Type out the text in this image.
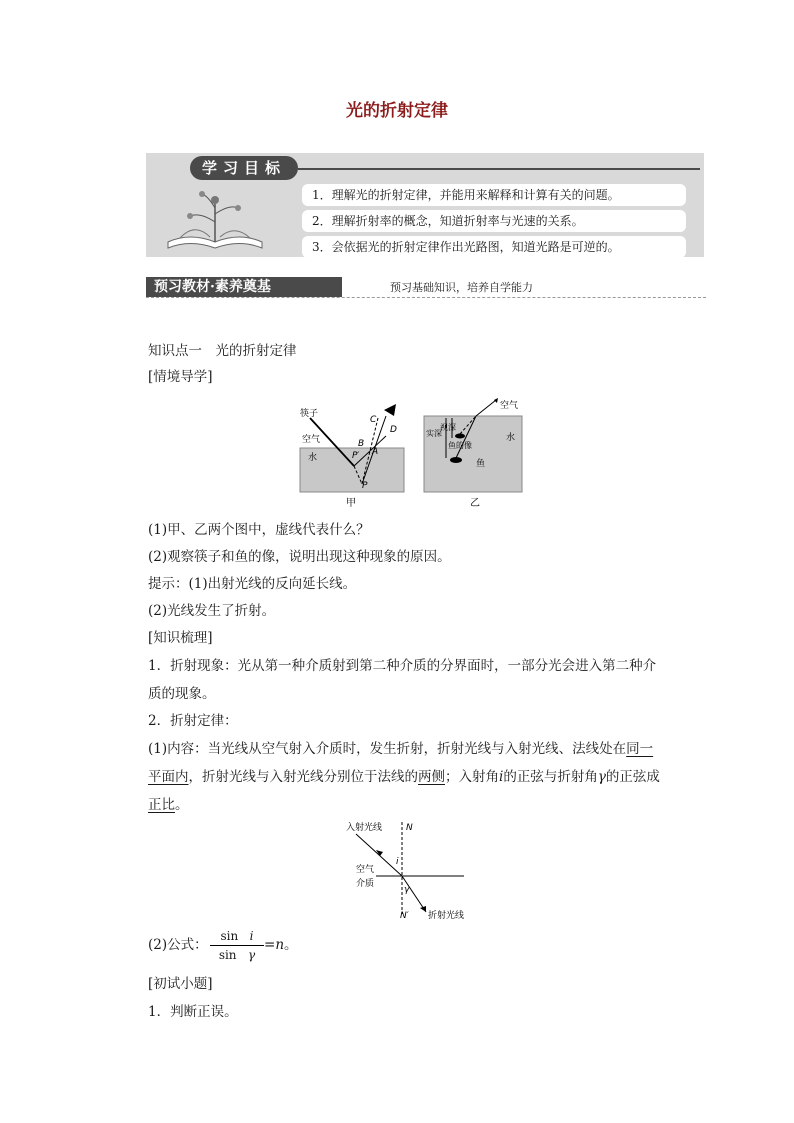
光的折射定律
学习目标
1．理解光的折射定律，并能用来解释和计算有关的问题。
2．理解折射率的概念，知道折射率与光速的关系。
3．会依据光的折射定律作出光路图，知道光路是可逆的。
预习教材·素养奠基	预习基础知识，培养自学能力
知识点一　光的折射定律
[情境导学]
筷子
空气
水
C
D
B
P′ A
P
甲
空气
水
实深
视深
鱼的像
鱼
乙
(1)甲、乙两个图中，虚线代表什么？
(2)观察筷子和鱼的像，说明出现这种现象的原因。
提示：(1)出射光线的反向延长线。
(2)光线发生了折射。
[知识梳理]
1．折射现象：光从第一种介质射到第二种介质的分界面时，一部分光会进入第二种介
质的现象。
2．折射定律：
(1)内容：当光线从空气射入介质时，发生折射，折射光线与入射光线、法线处在同一
平面内，折射光线与入射光线分别位于法线的两侧；入射角i的正弦与折射角γ的正弦成
正比。
入射光线	N
i
空气
介质
γ
N′ 折射光线
(2)公式： $\frac{\text{sin i}}{\text{sin γ}} =n$。
[初试小题]
1．判断正误。
